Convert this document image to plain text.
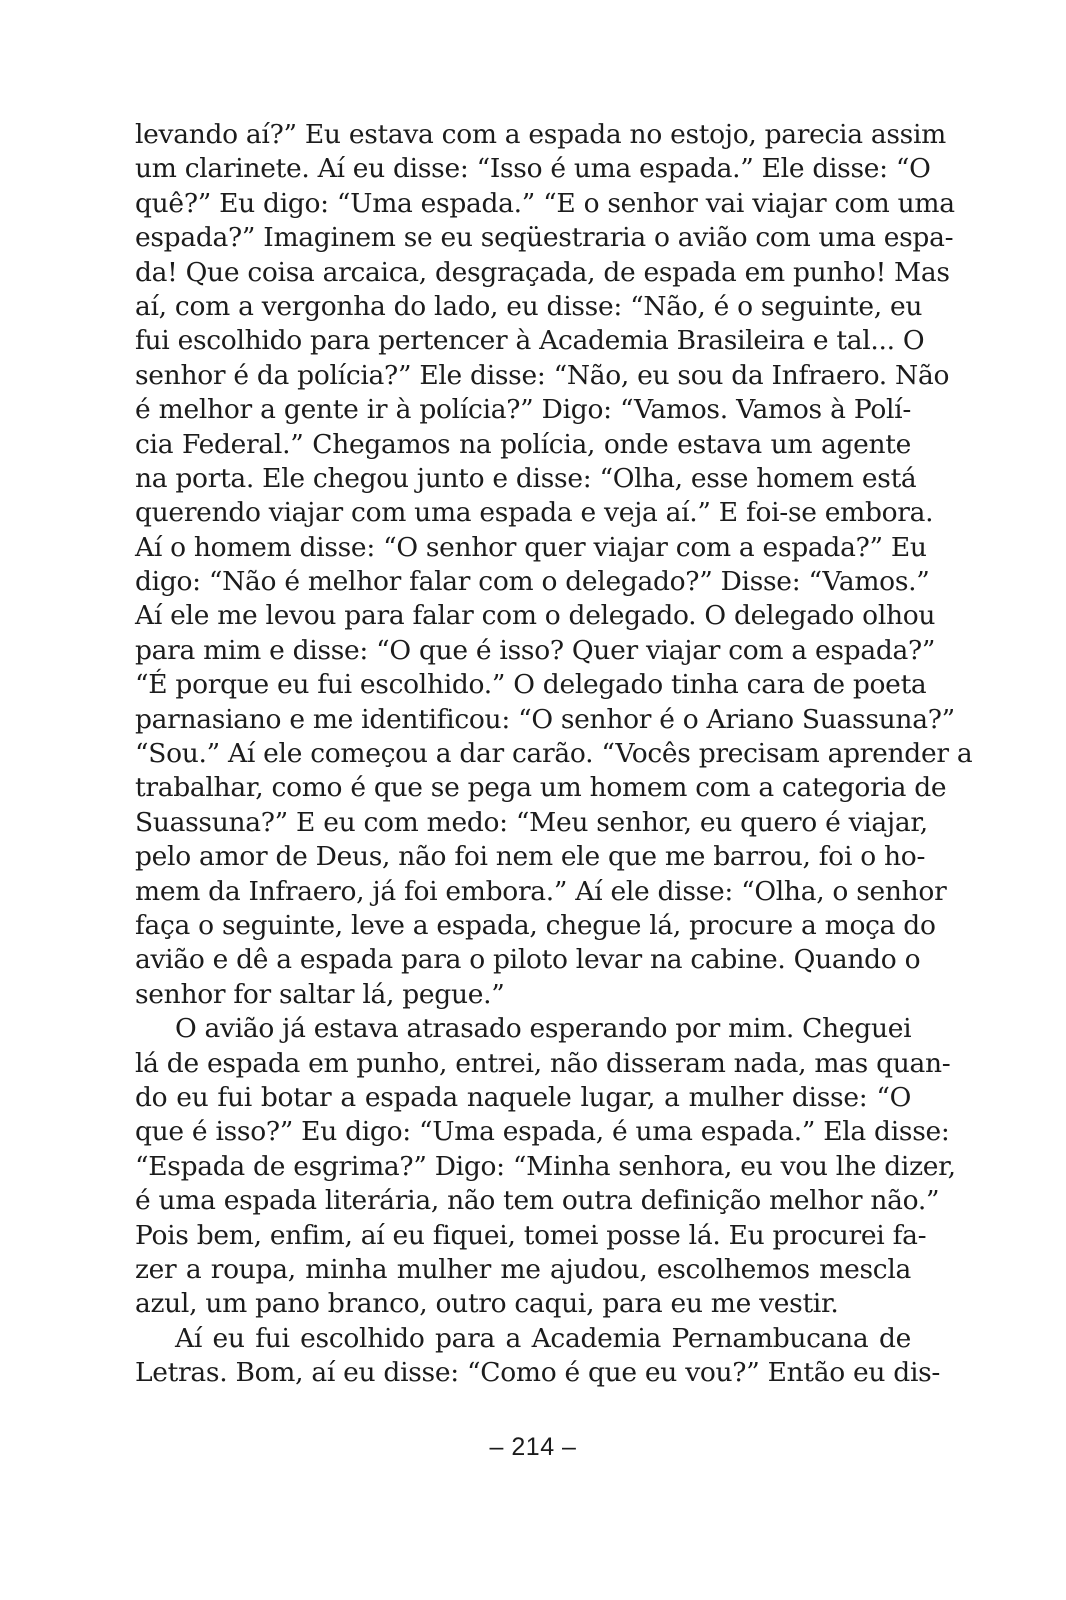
levando aí?” Eu estava com a espada no estojo, parecia assim
um clarinete. Aí eu disse: “Isso é uma espada.” Ele disse: “O
quê?” Eu digo: “Uma espada.” “E o senhor vai viajar com uma
espada?” Imaginem se eu seqüestraria o avião com uma espa-
da! Que coisa arcaica, desgraçada, de espada em punho! Mas
aí, com a vergonha do lado, eu disse: “Não, é o seguinte, eu
fui escolhido para pertencer à Academia Brasileira e tal... O
senhor é da polícia?” Ele disse: “Não, eu sou da Infraero. Não
é melhor a gente ir à polícia?” Digo: “Vamos. Vamos à Polí-
cia Federal.” Chegamos na polícia, onde estava um agente
na porta. Ele chegou junto e disse: “Olha, esse homem está
querendo viajar com uma espada e veja aí.” E foi-se embora.
Aí o homem disse: “O senhor quer viajar com a espada?” Eu
digo: “Não é melhor falar com o delegado?” Disse: “Vamos.”
Aí ele me levou para falar com o delegado. O delegado olhou
para mim e disse: “O que é isso? Quer viajar com a espada?”
“É porque eu fui escolhido.” O delegado tinha cara de poeta
parnasiano e me identificou: “O senhor é o Ariano Suassuna?”
“Sou.” Aí ele começou a dar carão. “Vocês precisam aprender a
trabalhar, como é que se pega um homem com a categoria de
Suassuna?” E eu com medo: “Meu senhor, eu quero é viajar,
pelo amor de Deus, não foi nem ele que me barrou, foi o ho-
mem da Infraero, já foi embora.” Aí ele disse: “Olha, o senhor
faça o seguinte, leve a espada, chegue lá, procure a moça do
avião e dê a espada para o piloto levar na cabine. Quando o
senhor for saltar lá, pegue.”
O avião já estava atrasado esperando por mim. Cheguei
lá de espada em punho, entrei, não disseram nada, mas quan-
do eu fui botar a espada naquele lugar, a mulher disse: “O
que é isso?” Eu digo: “Uma espada, é uma espada.” Ela disse:
“Espada de esgrima?” Digo: “Minha senhora, eu vou lhe dizer,
é uma espada literária, não tem outra definição melhor não.”
Pois bem, enfim, aí eu fiquei, tomei posse lá. Eu procurei fa-
zer a roupa, minha mulher me ajudou, escolhemos mescla
azul, um pano branco, outro caqui, para eu me vestir.
Aí eu fui escolhido para a Academia Pernambucana de
Letras. Bom, aí eu disse: “Como é que eu vou?” Então eu dis-
– 214 –
